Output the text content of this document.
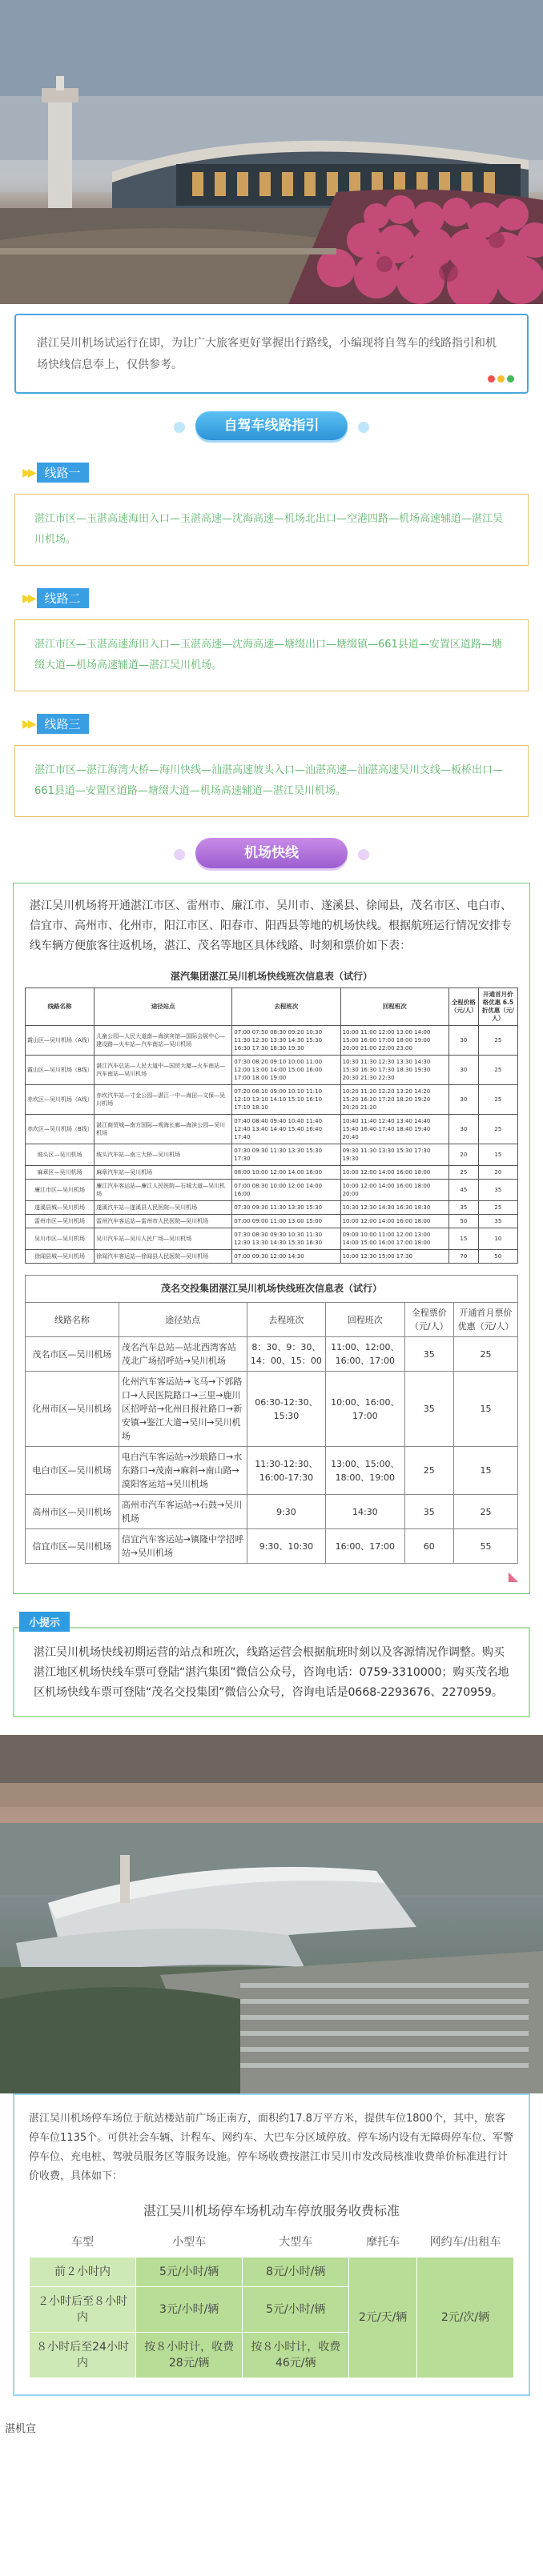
湛江吴川机场试运行在即，为让广大旅客更好掌握出行路线，小编现将自驾车的线路指引和机场快线信息奉上，仅供参考。

自驾车线路指引
▶▶ 线路一
湛江市区—玉湛高速海田入口—玉湛高速—沈海高速—机场北出口—空港四路—机场高速辅道—湛江吴川机场。
▶▶ 线路二
湛江市区—玉湛高速海田入口—玉湛高速—沈海高速—塘缀出口—塘缀镇—661县道—安置区道路—塘缀大道—机场高速辅道—湛江吴川机场。
▶▶ 线路三
湛江市区—湛江海湾大桥—海川快线—汕湛高速坡头入口—汕湛高速—汕湛高速吴川支线—板桥出口—661县道—安置区道路—塘缀大道—机场高速辅道—湛江吴川机场。
机场快线

湛江吴川机场将开通湛江市区、雷州市、廉江市、吴川市、遂溪县、徐闻县，茂名市区、电白市、信宜市、高州市、化州市，阳江市区、阳春市、阳西县等地的机场快线。根据航班运行情况安排专线车辆方便旅客往返机场，湛江、茂名等地区具体线路、时刻和票价如下表：

湛汽集团湛江吴川机场快线班次信息表（试行）
线路名称	途径站点	去程班次	回程班次	全程价格（元/人）	开通首月价格优惠 6.5折优惠（元/人）
霞山区—吴川机场（A线）	儿童公园—人民大道南—海滨宾馆—国际会展中心—建设路—火车站—汽车南站—吴川机场	07:00 07:50 08:30 09:20 10:30 11:30 12:30 13:30 14:30 15:30 16:30 17:30 18:30 19:30	10:00 11:00 12:00 13:00 14:00 15:00 16:00 17:00 18:00 19:00 20:00 21:00 22:00 23:00	30	25
霞山区—吴川机场（B线）	湛江汽车总站—人民大道中—国贸大厦—火车南站—汽车南站—吴川机场	07:30 08:20 09:10 10:00 11:00 12:00 13:00 14:00 15:00 16:00 17:00 18:00 19:00	10:30 11:30 12:30 13:30 14:30 15:30 16:30 17:30 18:30 19:30 20:30 21:30 22:30	30	25
赤坎区—吴川机场（A线）	赤坎汽车站—寸金公园—湛江一中—海田—文保—吴川机场	07:20 08:10 09:00 10:10 11:10 12:10 13:10 14:10 15:10 16:10 17:10 18:10	10:20 11:20 12:20 13:20 14:20 15:20 16:20 17:20 18:20 19:20 20:20 21:20	30	25
赤坎区—吴川机场（B线）	湛江商贸城—南方国际—观海长廊—海滨公园—吴川机场	07:40 08:40 09:40 10:40 11:40 12:40 13:40 14:40 15:40 16:40 17:40	10:40 11:40 12:40 13:40 14:40 15:40 16:40 17:40 18:40 19:40 20:40	30	25
坡头区—吴川机场	坡头汽车站—南三大桥—吴川机场	07:30 09:30 11:30 13:30 15:30 17:30	09:30 11:30 13:30 15:30 17:30 19:30	20	15
麻章区—吴川机场	麻章汽车站—吴川机场	08:00 10:00 12:00 14:00 16:00	10:00 12:00 14:00 16:00 18:00	25	20
廉江市区—吴川机场	廉江汽车客运站—廉江人民医院—石城大道—吴川机场	07:00 08:30 10:00 12:00 14:00 16:00	10:00 12:00 14:00 16:00 18:00 20:00	45	35
遂溪县城—吴川机场	遂溪汽车站—遂溪县人民医院—吴川机场	07:30 09:30 11:30 13:30 15:30	10:30 12:30 14:30 16:30 18:30	35	25
雷州市区—吴川机场	雷州汽车客运站—雷州市人民医院—吴川机场	07:00 09:00 11:00 13:00 15:00	10:00 12:00 14:00 16:00 18:00	50	35
吴川市区—吴川机场	吴川汽车站—吴川人民广场—吴川机场	07:30 08:30 09:30 10:30 11:30 12:30 13:30 14:30 15:30 16:30	09:00 10:00 11:00 12:00 13:00 14:00 15:00 16:00 17:00 18:00	15	10
徐闻县城—吴川机场	徐闻汽车客运站—徐闻县人民医院—吴川机场	07:00 09:30 12:00 14:30	10:00 12:30 15:00 17:30	70	50
茂名交投集团湛江吴川机场快线班次信息表（试行）					
线路名称	途径站点	去程班次	回程班次	全程票价（元/人）	开通首月票价优惠（元/人）
茂名市区—吴川机场	茂名汽车总站—站北西湾客站茂北广场招呼站→吴川机场	8：30、9：30、14：00、15：00	11:00、12:00、16:00、17:00	35	25
化州市区—吴川机场	化州汽车客运站→飞马→下郭路口→人民医院路口→三里→鹿川区招呼站→化州日报社路口→新安镇→鉴江大道→吴川→吴川机场	06:30-12:30、15:30	10:00、16:00、17:00	35	15
电白市区—吴川机场	电白汽车客运站→沙琅路口→水东路口→茂南→麻斜→南山路→漠阳客运站→吴川机场	11:30-12:30、16:00-17:30	13:00、15:00、18:00、19:00	25	15
高州市区—吴川机场	高州市汽车客运站→石鼓→吴川机场	9:30	14:30	35	25
信宜市区—吴川机场	信宜汽车客运站→镇隆中学招呼站→吴川机场	9:30、10:30	16:00、17:00	60	55
◣
小提示
湛江吴川机场快线初期运营的站点和班次，线路运营会根据航班时刻以及客源情况作调整。购买湛江地区机场快线车票可登陆“湛汽集团”微信公众号，咨询电话：0759-3310000；购买茂名地区机场快线车票可登陆“茂名交投集团”微信公众号，咨询电话是0668-2293676、2270959。

湛江吴川机场停车场位于航站楼站前广场正南方，面积约17.8万平方米，提供车位1800个，其中，旅客停车位1135个。可供社会车辆、计程车、网约车、大巴车分区域停放。停车场内设有无障碍停车位、军警停车位、充电桩、驾驶员服务区等服务设施。停车场收费按湛江市吴川市发改局核准收费单价标准进行计价收费，具体如下：

湛江吴川机场停车场机动车停放服务收费标准
车型	小型车	大型车	摩托车	网约车/出租车
前２小时内	5元/小时/辆	8元/小时/辆	2元/天/辆	2元/次/辆
２小时后至８小时内	3元/小时/辆	5元/小时/辆		
８小时后至24小时内	按８小时计，收费28元/辆	按８小时计，收费46元/辆		
湛机宣
